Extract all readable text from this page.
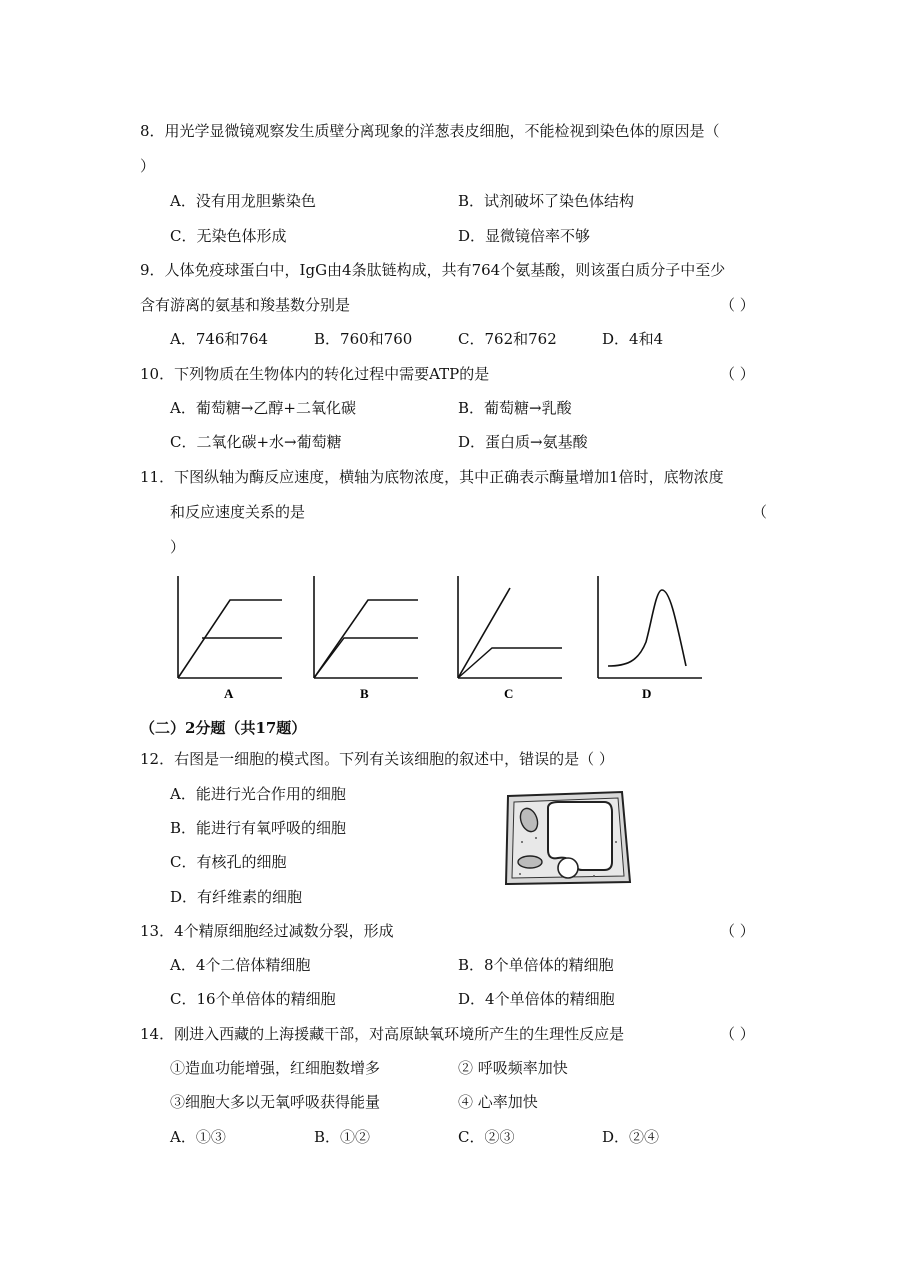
8．用光学显微镜观察发生质壁分离现象的洋葱表皮细胞，不能检视到染色体的原因是（
）
A．没有用龙胆紫染色	B．试剂破坏了染色体结构
C．无染色体形成	D．显微镜倍率不够
9．人体免疫球蛋白中，IgG由4条肽链构成，共有764个氨基酸，则该蛋白质分子中至少
含有游离的氨基和羧基数分别是	（ ）
A．746和764	B．760和760	C．762和762	D．4和4
10．下列物质在生物体内的转化过程中需要ATP的是	（ ）
A．葡萄糖→乙醇+二氧化碳	B．葡萄糖→乳酸
C．二氧化碳+水→葡萄糖	D．蛋白质→氨基酸
11．下图纵轴为酶反应速度，横轴为底物浓度，其中正确表示酶量增加1倍时，底物浓度
和反应速度关系的是	（
）
A	B	C	D
（二）2分题（共17题）
12．右图是一细胞的模式图。下列有关该细胞的叙述中，错误的是（ ）
A．能进行光合作用的细胞
B．能进行有氧呼吸的细胞
C．有核孔的细胞
D．有纤维素的细胞
13．4个精原细胞经过减数分裂，形成	（ ）
A．4个二倍体精细胞	B．8个单倍体的精细胞
C．16个单倍体的精细胞	D．4个单倍体的精细胞
14．刚进入西藏的上海援藏干部，对高原缺氧环境所产生的生理性反应是	（ ）
①造血功能增强，红细胞数增多	② 呼吸频率加快
③细胞大多以无氧呼吸获得能量	④ 心率加快
A．①③	B．①②	C．②③	D．②④
